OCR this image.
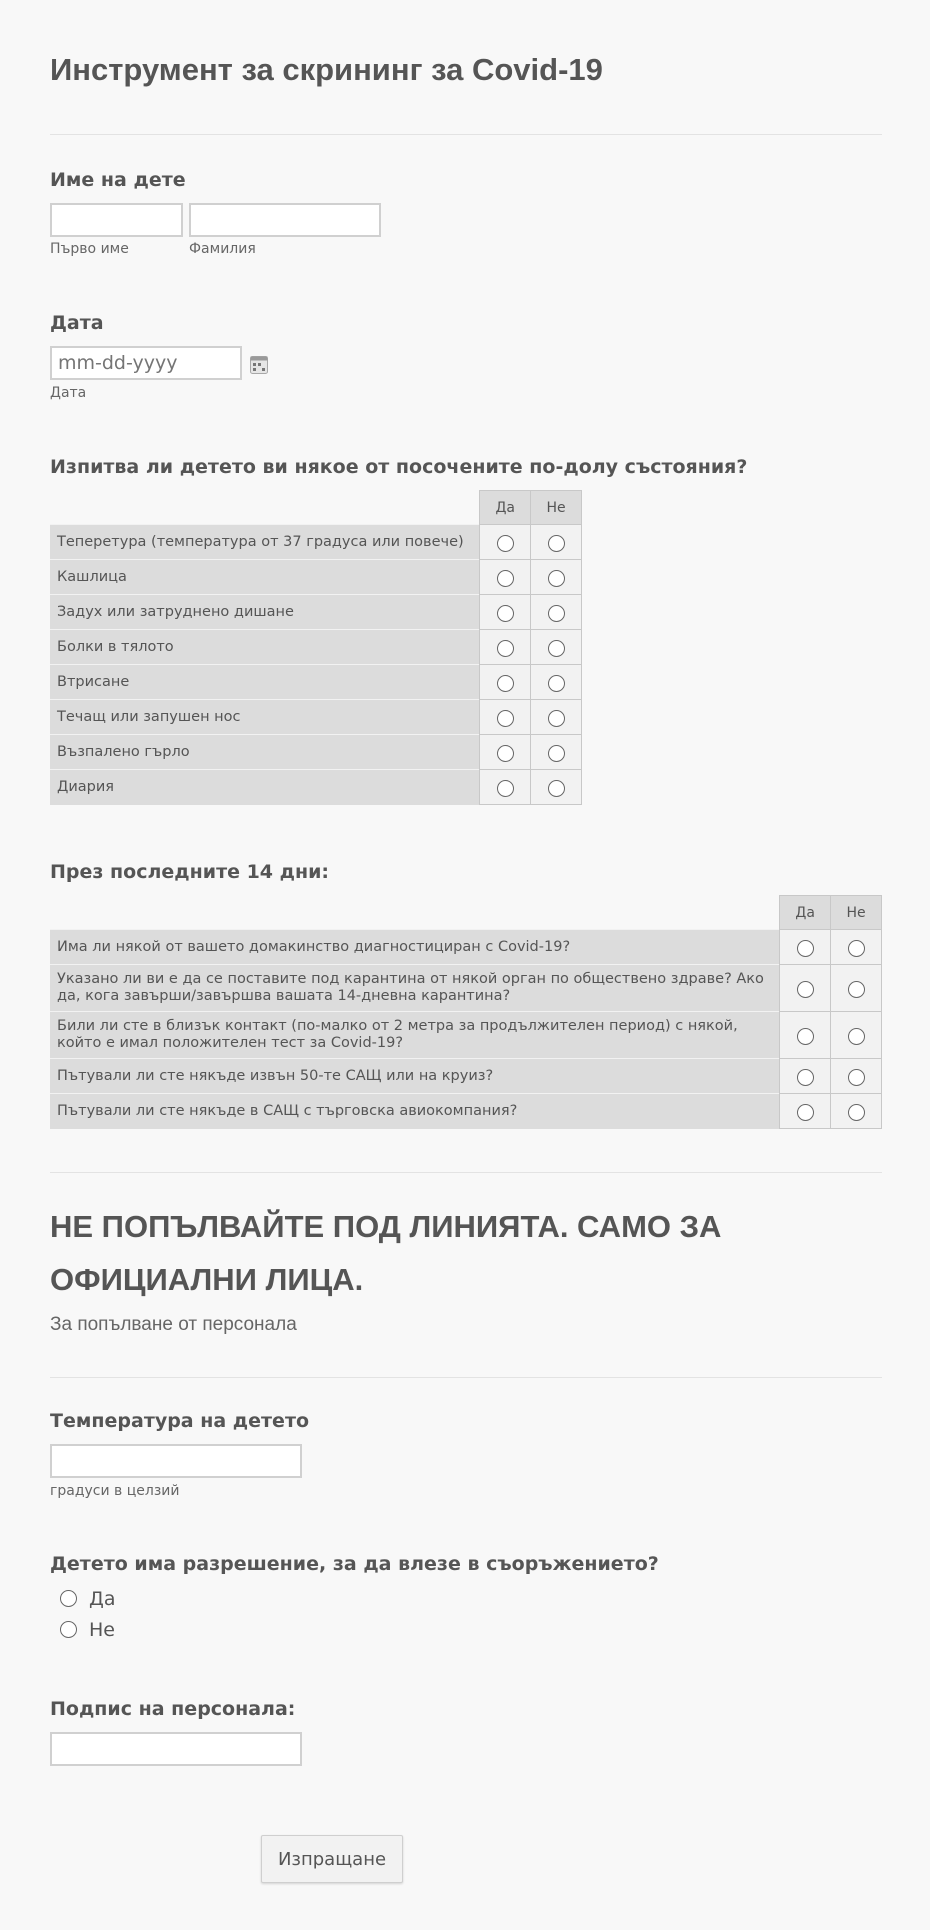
Инструмент за скрининг за Covid-19
Име на дете
Първо име	Фамилия
Дата
mm-dd-yyyy
Дата
Изпитва ли детето ви някое от посочените по-долу състояния?
	Да	Не
Теперетура (температура от 37 градуса или повече)		
Кашлица		
Задух или затруднено дишане		
Болки в тялото		
Втрисане		
Течащ или запушен нос		
Възпалено гърло		
Диария		
През последните 14 дни:
	Да	Не
Има ли някой от вашето домакинство диагностициран с Covid-19?		
Указано ли ви е да се поставите под карантина от някой орган по обществено здраве? Ако да, кога завърши/завършва вашата 14-дневна карантина?		
Били ли сте в близък контакт (по-малко от 2 метра за продължителен период) с някой, който е имал положителен тест за Covid-19?		
Пътували ли сте някъде извън 50-те САЩ или на круиз?		
Пътували ли сте някъде в САЩ с търговска авиокомпания?		
НЕ ПОПЪЛВАЙТЕ ПОД ЛИНИЯТА. САМО ЗА ОФИЦИАЛНИ ЛИЦА.
За попълване от персонала
Температура на детето
градуси в целзий
Детето има разрешение, за да влезе в съоръжението?
Да
Не
Подпис на персонала:
Изпращане
